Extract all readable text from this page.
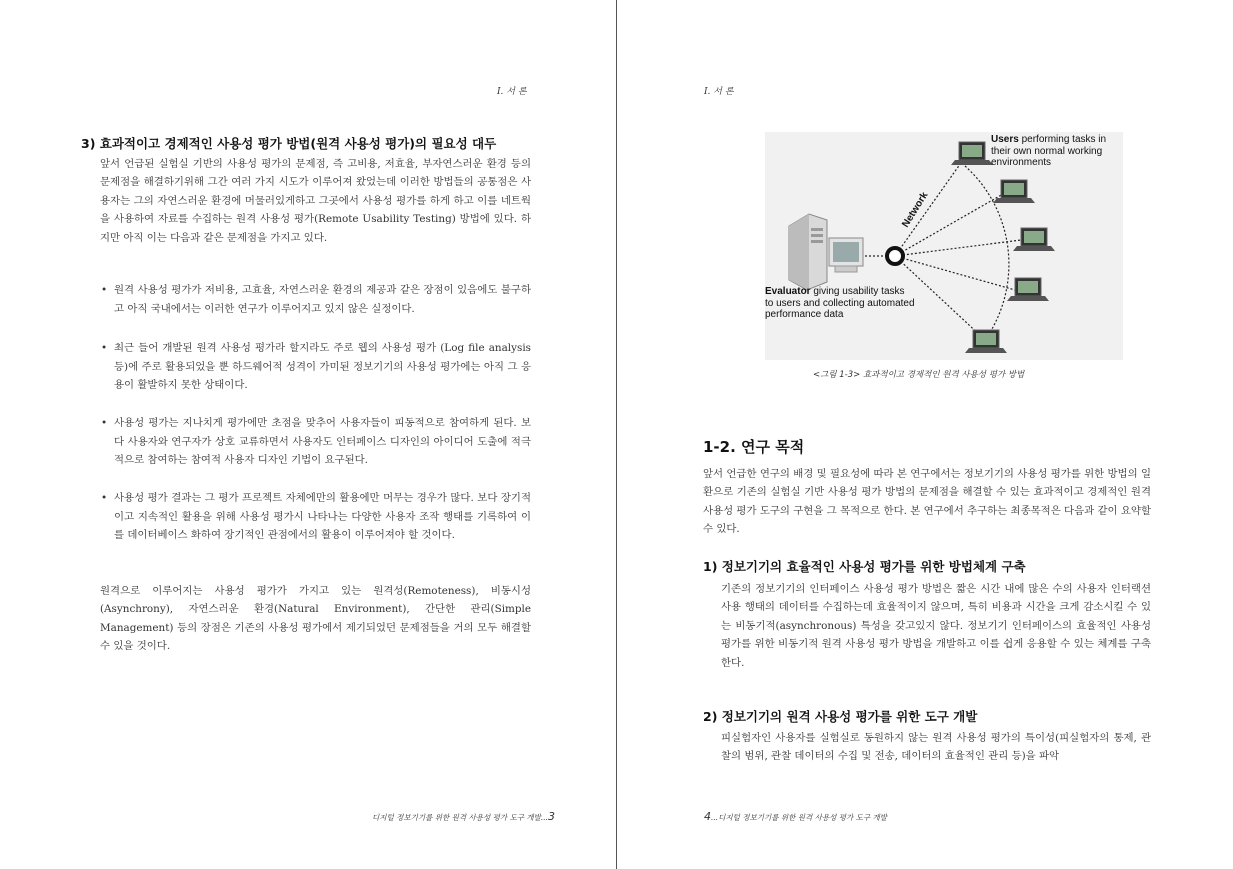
I. 서 론
3) 효과적이고 경제적인 사용성 평가 방법(원격 사용성 평가)의 필요성 대두

앞서 언급된 실험실 기반의 사용성 평가의 문제점, 즉 고비용, 저효율, 부자연스러운 환경 등의 문제점을 해결하기위해 그간 여러 가지 시도가 이루어져 왔었는데 이러한 방법들의 공통점은 사용자는 그의 자연스러운 환경에 머물러있게하고 그곳에서 사용성 평가를 하게 하고 이를 네트웍을 사용하여 자료를 수집하는 원격 사용성 평가(Remote Usability Testing) 방법에 있다. 하지만 아직 이는 다음과 같은 문제점을 가지고 있다.

• 원격 사용성 평가가 저비용, 고효율, 자연스러운 환경의 제공과 같은 장점이 있음에도 불구하고 아직 국내에서는 이러한 연구가 이루어지고 있지 않은 실정이다.
• 최근 들어 개발된 원격 사용성 평가라 할지라도 주로 웹의 사용성 평가 (Log file analysis 등)에 주로 활용되었을 뿐 하드웨어적 성격이 가미된 정보기기의 사용성 평가에는 아직 그 응용이 활발하지 못한 상태이다.
• 사용성 평가는 지나치게 평가에만 초점을 맞추어 사용자들이 피동적으로 참여하게 된다. 보다 사용자와 연구자가 상호 교류하면서 사용자도 인터페이스 디자인의 아이디어 도출에 적극적으로 참여하는 참여적 사용자 디자인 기법이 요구된다.
• 사용성 평가 결과는 그 평가 프로젝트 자체에만의 활용에만 머무는 경우가 많다. 보다 장기적이고 지속적인 활용을 위해 사용성 평가시 나타나는 다양한 사용자 조작 행태를 기록하여 이를 데이터베이스 화하여 장기적인 관점에서의 활용이 이루어져야 할 것이다.

원격으로 이루어지는 사용성 평가가 가지고 있는 원격성(Remoteness), 비동시성(Asynchrony), 자연스러운 환경(Natural Environment), 간단한 관리(Simple Management) 등의 장점은 기존의 사용성 평가에서 제기되었던 문제점들을 거의 모두 해결할 수 있을 것이다.

디지털 정보기기를 위한 원격 사용성 평가 도구 개발...3
I. 서 론
Network
Users performing tasks in their own normal working environments
Evaluator giving usability tasks to users and collecting automated performance data
<그림 1-3> 효과적이고 경제적인 원격 사용성 평가 방법
1-2. 연구 목적

앞서 언급한 연구의 배경 및 필요성에 따라 본 연구에서는 정보기기의 사용성 평가를 위한 방법의 일환으로 기존의 실험실 기반 사용성 평가 방법의 문제점을 해결할 수 있는 효과적이고 경제적인 원격 사용성 평가 도구의 구현을 그 목적으로 한다. 본 연구에서 추구하는 최종목적은 다음과 같이 요약할 수 있다.

1) 정보기기의 효율적인 사용성 평가를 위한 방법체계 구축

기존의 정보기기의 인터페이스 사용성 평가 방법은 짧은 시간 내에 많은 수의 사용자 인터랙션 사용 행태의 데이터를 수집하는데 효율적이지 않으며, 특히 비용과 시간을 크게 감소시킬 수 있는 비동기적(asynchronous) 특성을 갖고있지 않다. 정보기기 인터페이스의 효율적인 사용성 평가를 위한 비동기적 원격 사용성 평가 방법을 개발하고 이를 쉽게 응용할 수 있는 체계를 구축한다.

2) 정보기기의 원격 사용성 평가를 위한 도구 개발

피실험자인 사용자를 실험실로 동원하지 않는 원격 사용성 평가의 특이성(피실험자의 통제, 관찰의 범위, 관찰 데이터의 수집 및 전송, 데이터의 효율적인 관리 등)을 파악

4...디지털 정보기기를 위한 원격 사용성 평가 도구 개발
